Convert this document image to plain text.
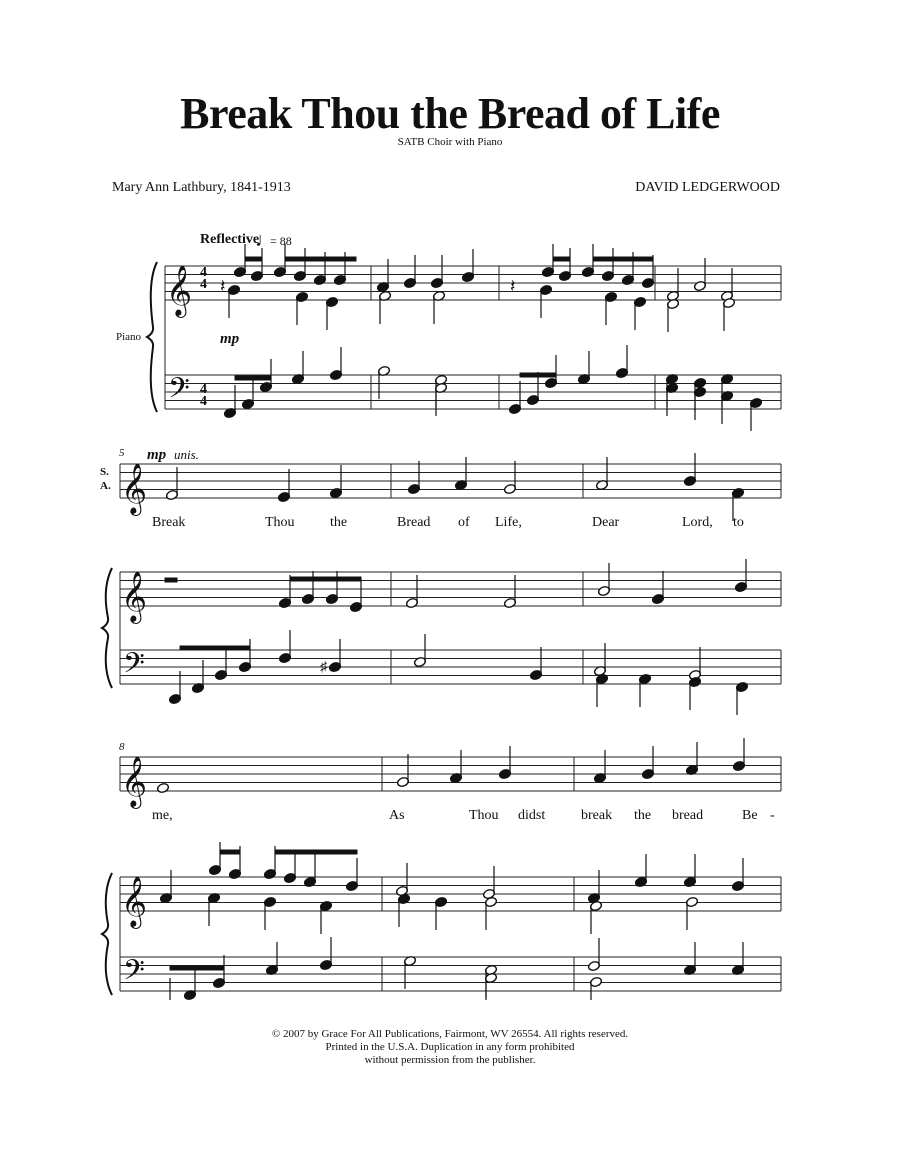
Break Thou the Bread of Life
SATB Choir with Piano
Mary Ann Lathbury, 1841-1913	DAVID LEDGERWOOD
Reflective
♩
= 88
Piano
S.
A.
mp
mp unis.
5
8
Break	Thou	the	Bread of Life,	Dear	Lord, to
me,	As	Thou didst	break the bread	Be -
4
4
4
4
𝄞
𝄢
𝄽	𝄽
𝄞
𝄞
𝄢	♯
𝄞
𝄞
𝄢
© 2007 by Grace For All Publications, Fairmont, WV 26554. All rights reserved.
Printed in the U.S.A. Duplication in any form prohibited
without permission from the publisher.
